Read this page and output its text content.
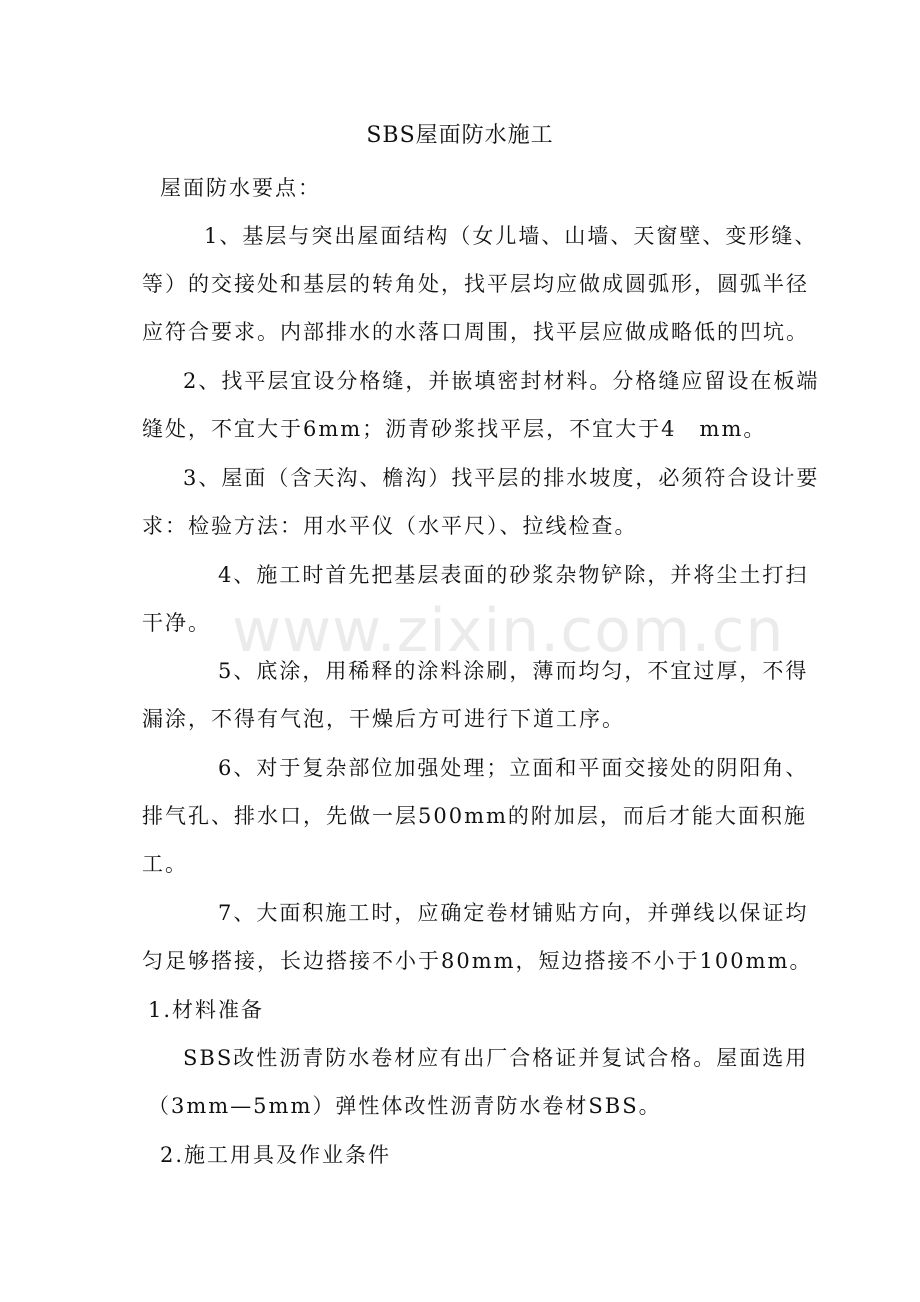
www.zixin.com.cn
SBS屋面防水施工
屋面防水要点：
1、基层与突出屋面结构（女儿墙、山墙、天窗壁、变形缝、
等）的交接处和基层的转角处，找平层均应做成圆弧形，圆弧半径
应符合要求。内部排水的水落口周围，找平层应做成略低的凹坑。
2、找平层宜设分格缝，并嵌填密封材料。分格缝应留设在板端
缝处，不宜大于6mm；沥青砂浆找平层，不宜大于4　mm。
3、屋面（含天沟、檐沟）找平层的排水坡度，必须符合设计要
求：检验方法：用水平仪（水平尺）、拉线检查。
4、施工时首先把基层表面的砂浆杂物铲除，并将尘土打扫
干净。
5、底涂，用稀释的涂料涂刷，薄而均匀，不宜过厚，不得
漏涂，不得有气泡，干燥后方可进行下道工序。
6、对于复杂部位加强处理；立面和平面交接处的阴阳角、
排气孔、排水口，先做一层500mm的附加层，而后才能大面积施
工。
7、大面积施工时，应确定卷材铺贴方向，并弹线以保证均
匀足够搭接，长边搭接不小于80mm，短边搭接不小于100mm。
1.材料准备
SBS改性沥青防水卷材应有出厂合格证并复试合格。屋面选用
（3mm—5mm）弹性体改性沥青防水卷材SBS。
2.施工用具及作业条件
